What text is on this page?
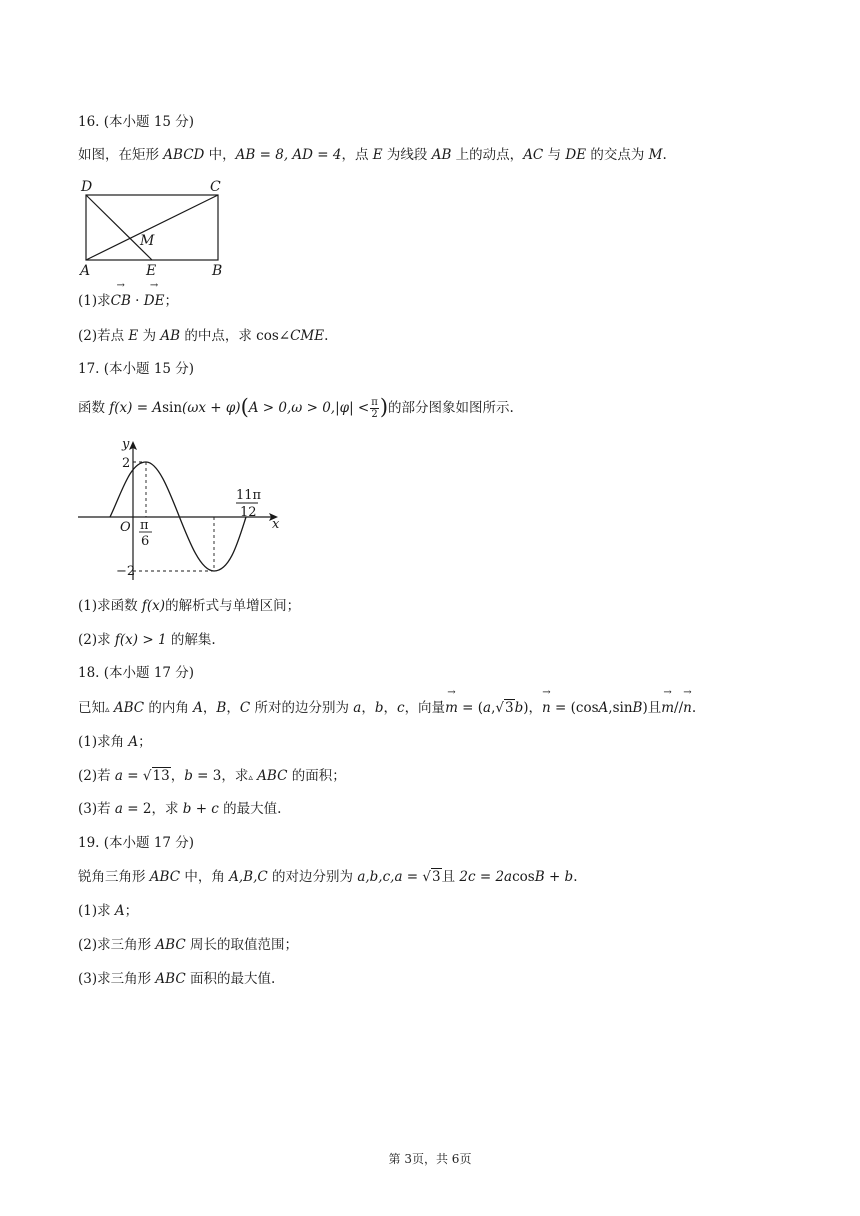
16. (本小题 15 分)
如图，在矩形 ABCD 中，AB = 8, AD = 4，点 E 为线段 AB 上的动点，AC 与 DE 的交点为 M.
D	C
M
A	E	B
(1)求→ CB · → DE；
(2)若点 E 为 AB 的中点，求 cos∠CME.
17. (本小题 15 分)
函数 $f(x) = Asin(\omega x + \varphi)(A > 0,\omega > 0,|\varphi| < \frac{\pi}{2}$ )的部分图象如图所示.
y
x
O
2
−2
π
6
11π
12
(1)求函数 f(x)的解析式与单增区间；
(2)求 f(x) > 1 的解集.
18. (本小题 17 分)
已知▵ ABC 的内角 A，B，C 所对的边分别为 a，b，c，向量→ m = (a,√3b)，→ n = (cosA,sinB)且→ m//→ n.
(1)求角 A；
(2)若 a = √13，b = 3，求▵ ABC 的面积；
(3)若 a = 2，求 b + c 的最大值.
19. (本小题 17 分)
锐角三角形 ABC 中，角 A,B,C 的对边分别为 a,b,c,a = √3且 2c = 2acosB + b.
(1)求 A；
(2)求三角形 ABC 周长的取值范围；
(3)求三角形 ABC 面积的最大值.
第 3页，共 6页
